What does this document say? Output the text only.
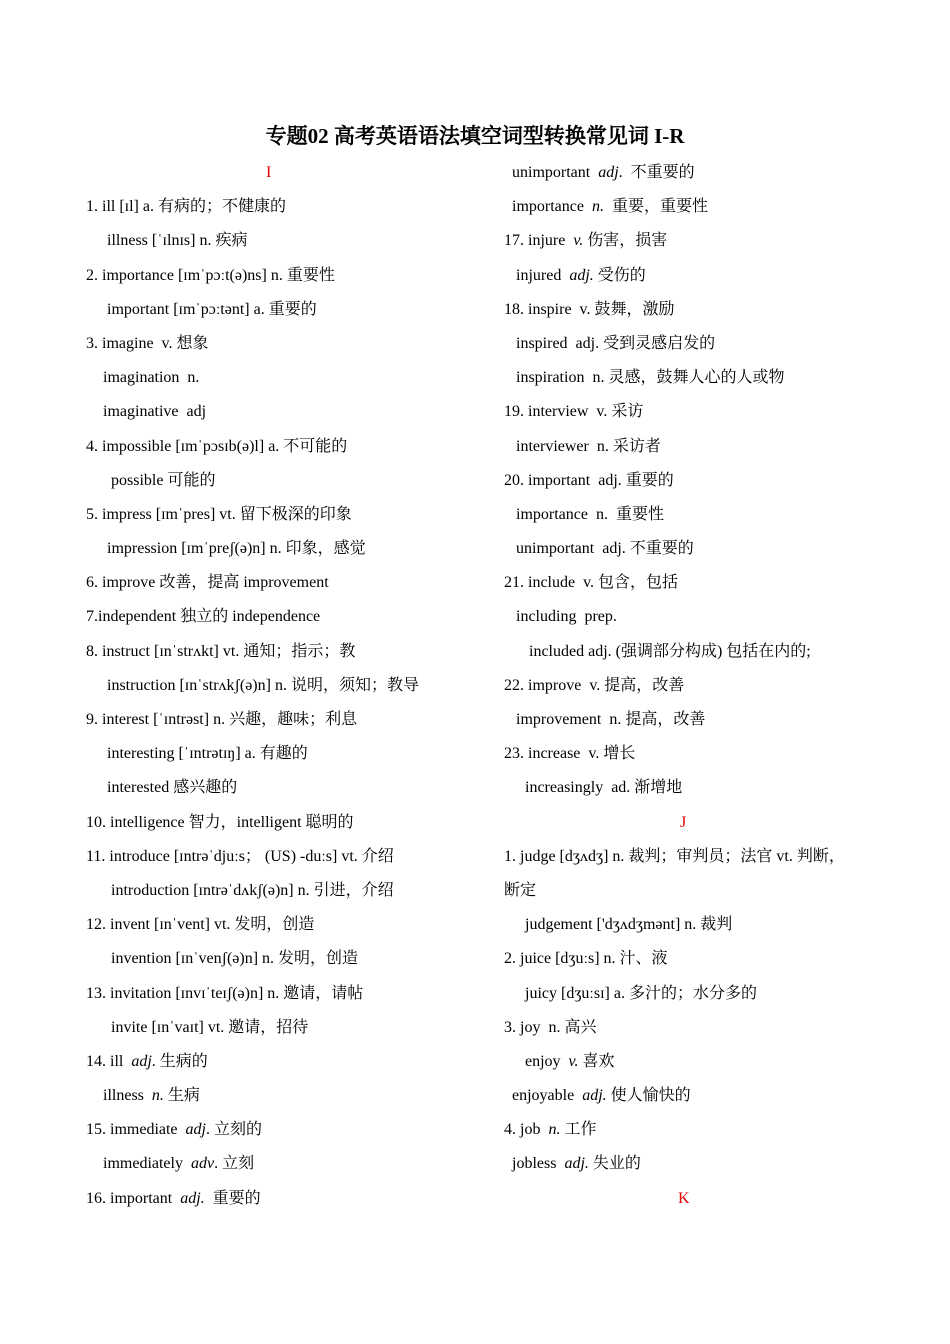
专题02 高考英语语法填空词型转换常见词 I-R
I
1. ill [ɪl] a. 有病的；不健康的
illness [ˈɪlnɪs] n. 疾病
2. importance [ɪmˈpɔːt(ə)ns] n. 重要性
important [ɪmˈpɔːtənt] a. 重要的
3. imagine  v. 想象
imagination  n.
imaginative  adj
4. impossible [ɪmˈpɔsɪb(ə)l] a. 不可能的
possible 可能的
5. impress [ɪmˈpres] vt. 留下极深的印象
impression [ɪmˈpreʃ(ə)n] n. 印象，感觉
6. improve 改善，提高 improvement
7.independent 独立的 independence
8. instruct [ɪnˈstrʌkt] vt. 通知；指示；教
instruction [ɪnˈstrʌkʃ(ə)n] n. 说明，须知；教导
9. interest [ˈɪntrəst] n. 兴趣，趣味；利息
interesting [ˈɪntrətɪŋ] a. 有趣的
interested 感兴趣的
10. intelligence 智力，intelligent 聪明的
11. introduce [ɪntrəˈdjuːs； (US) -duːs] vt. 介绍
introduction [ɪntrəˈdʌkʃ(ə)n] n. 引进，介绍
12. invent [ɪnˈvent] vt. 发明，创造
invention [ɪnˈvenʃ(ə)n] n. 发明，创造
13. invitation [ɪnvɪˈteɪʃ(ə)n] n. 邀请，请帖
invite [ɪnˈvaɪt] vt. 邀请，招待
14. ill  adj. 生病的
illness  n. 生病
15. immediate  adj. 立刻的
immediately  adv. 立刻
16. important  adj.  重要的
unimportant  adj.  不重要的
importance  n.  重要，重要性
17. injure  v. 伤害，损害
injured  adj. 受伤的
18. inspire  v. 鼓舞，激励
inspired  adj. 受到灵感启发的
inspiration  n. 灵感，鼓舞人心的人或物
19. interview  v. 采访
interviewer  n. 采访者
20. important  adj. 重要的
importance  n.  重要性
unimportant  adj. 不重要的
21. include  v. 包含，包括
including  prep.
included adj. (强调部分构成) 包括在内的;
22. improve  v. 提高，改善
improvement  n. 提高，改善
23. increase  v. 增长
increasingly  ad. 渐增地
J
1. judge [dʒʌdʒ] n. 裁判；审判员；法官 vt. 判断，
断定
judgement ['dʒʌdʒmənt] n. 裁判
2. juice [dʒuːs] n. 汁、液
juicy [dʒuːsɪ] a. 多汁的；水分多的
3. joy  n. 高兴
enjoy  v. 喜欢
enjoyable  adj. 使人愉快的
4. job  n. 工作
jobless  adj. 失业的
K
